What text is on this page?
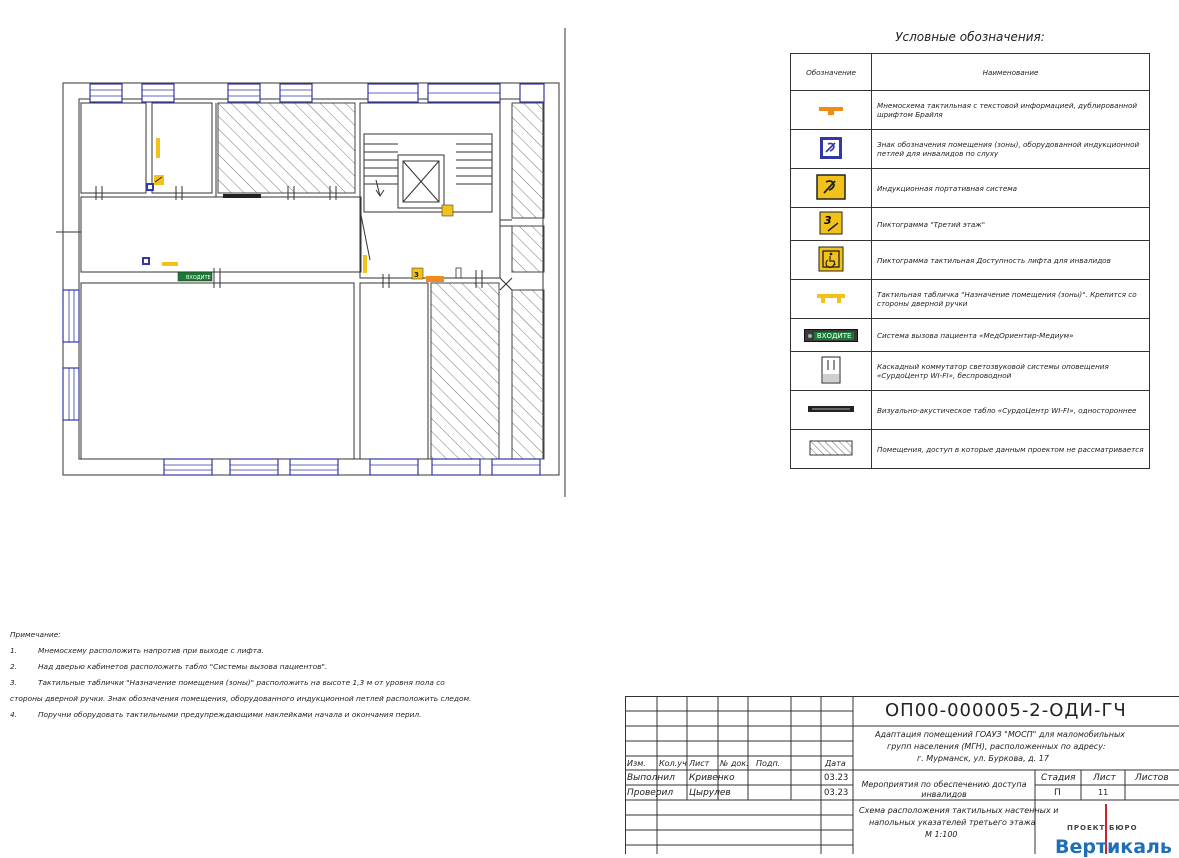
ВХОДИТЕ	3
Условные обозначения:
Обозначение	Наименование
	Мнемосхема тактильная с текстовой информацией, дублированной шрифтом Брайля
	Знак обозначения помещения (зоны), оборудованной индукционной петлей для инвалидов по слуху
	Индукционная портативная система

3	Пиктограмма "Третий этаж"
	Пиктограмма тактильная Доступность лифта для инвалидов
	Тактильная табличка "Назначение помещения (зоны)". Крепится со стороны дверной ручки
ВХОДИТЕ	Система вызова пациента «МедОриентир-Медиум»
	Каскадный коммутатор светозвуковой системы оповещения «СурдоЦентр WI-FI», беспроводной
	Визуально-акустическое табло «СурдоЦентр WI-FI», одностороннее
	Помещения, доступ в которые данным проектом не рассматривается

Примечание:

1.	Мнемосхему расположить напротив при выходе с лифта.

2.	Над дверью кабинетов расположить табло "Системы вызова пациентов".

3.	Тактильные таблички "Назначение помещения (зоны)" расположить на высоте 1,3 м от уровня пола со

стороны дверной ручки. Знак обозначения помещения, оборудованного индукционной петлей расположить следом.

4.	Поручни оборудовать тактильными предупреждающими наклейками начала и окончания перил.	ОП00-000005-2-ОДИ-ГЧ
Адаптация помещений ГОАУЗ "МОСП" для маломобильных
групп населения (МГН), расположенных по адресу:
г. Мурманск, ул. Буркова, д. 17
Изм. Кол.уч Лист № док. Подп.	Дата
Выполнил Кривенко	03.23
Проверил Цырулев	03.23
Мероприятия по обеспечению доступа инвалидов
Стадия Лист Листов
П	11
Схема расположения тактильных настенных и
напольных указателей третьего этажа
М 1:100
ПРОЕКТ БЮРО
Вертикаль
